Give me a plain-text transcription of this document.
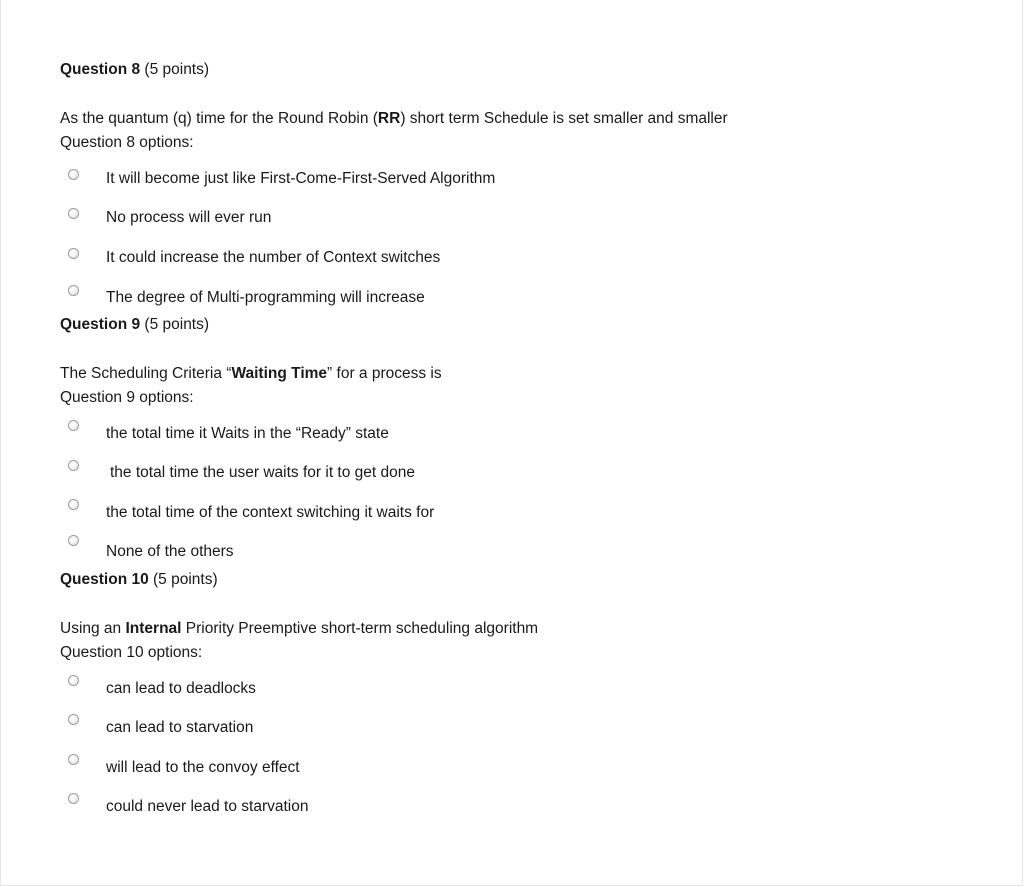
Question 8 (5 points)

As the quantum (q) time for the Round Robin (RR) short term Schedule is set smaller and smaller

Question 8 options:

It will become just like First-Come-First-Served Algorithm
No process will ever run
It could increase the number of Context switches
The degree of Multi-programming will increase

Question 9 (5 points)

The Scheduling Criteria “Waiting Time” for a process is

Question 9 options:

the total time it Waits in the “Ready” state
the total time the user waits for it to get done
the total time of the context switching it waits for
None of the others

Question 10 (5 points)

Using an Internal Priority Preemptive short-term scheduling algorithm

Question 10 options:

can lead to deadlocks
can lead to starvation
will lead to the convoy effect
could never lead to starvation
